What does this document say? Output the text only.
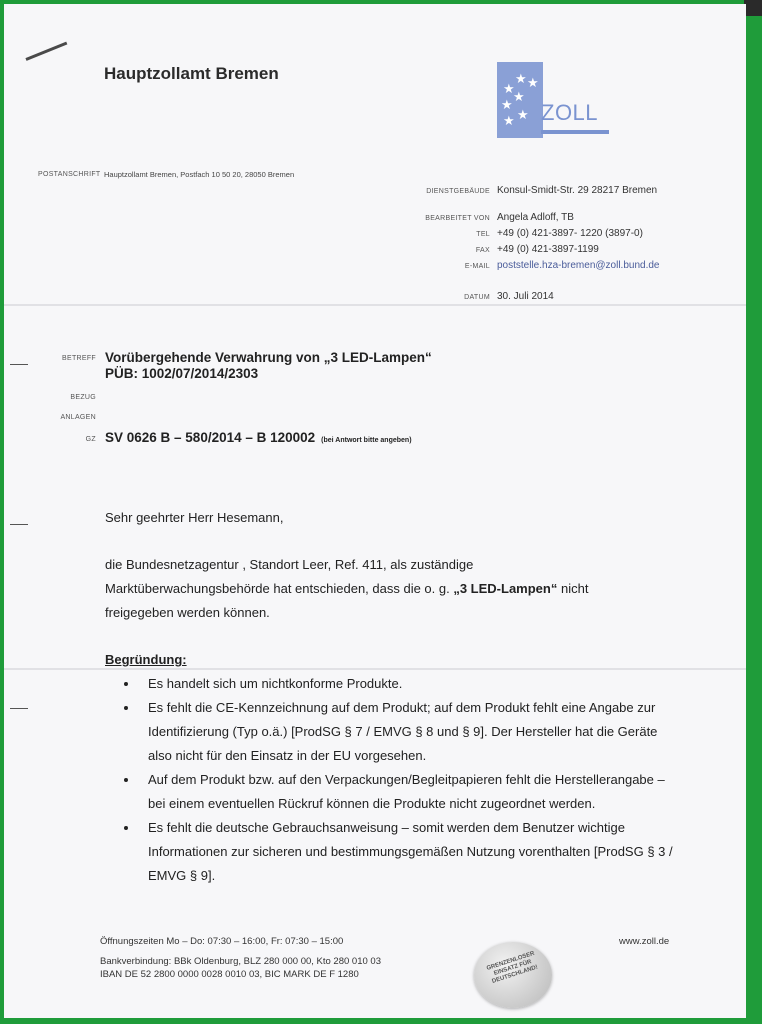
Hauptzollamt Bremen
★
★ ★
★
★
★ ★ ZOLL
POSTANSCHRIFT Hauptzollamt Bremen, Postfach 10 50 20, 28050 Bremen
DIENSTGEBÄUDE Konsul-Smidt-Str. 29 28217 Bremen
BEARBEITET VON Angela Adloff, TB
TEL +49 (0) 421-3897- 1220 (3897-0)
FAX +49 (0) 421-3897-1199
E-MAIL poststelle.hza-bremen@zoll.bund.de
DATUM 30. Juli 2014
BETREFF Vorübergehende Verwahrung von „3 LED-Lampen“
PÜB: 1002/07/2014/2303
BEZUG
ANLAGEN
GZ SV 0626 B – 580/2014 – B 120002 (bei Antwort bitte angeben)
Sehr geehrter Herr Hesemann,
die Bundesnetzagentur , Standort Leer, Ref. 411, als zuständige
Marktüberwachungsbehörde hat entschieden, dass die o. g. „3 LED-Lampen“ nicht
freigegeben werden können.
Begründung:
Es handelt sich um nichtkonforme Produkte.
Es fehlt die CE-Kennzeichnung auf dem Produkt; auf dem Produkt fehlt eine Angabe zur Identifizierung (Typ o.ä.) [ProdSG § 7 / EMVG § 8 und § 9]. Der Hersteller hat die Geräte also nicht für den Einsatz in der EU vorgesehen.
Auf dem Produkt bzw. auf den Verpackungen/Begleitpapieren fehlt die Herstellerangabe – bei einem eventuellen Rückruf können die Produkte nicht zugeordnet werden.
Es fehlt die deutsche Gebrauchsanweisung – somit werden dem Benutzer wichtige Informationen zur sicheren und bestimmungsgemäßen Nutzung vorenthalten [ProdSG § 3 / EMVG § 9].
Öffnungszeiten Mo – Do: 07:30 – 16:00, Fr: 07:30 – 15:00
Bankverbindung: BBk Oldenburg, BLZ 280 000 00, Kto 280 010 03
IBAN DE 52 2800 0000 0028 0010 03, BIC MARK DE F 1280
www.zoll.de
GRENZENLOSER EINSATZ FÜR DEUTSCHLAND!
